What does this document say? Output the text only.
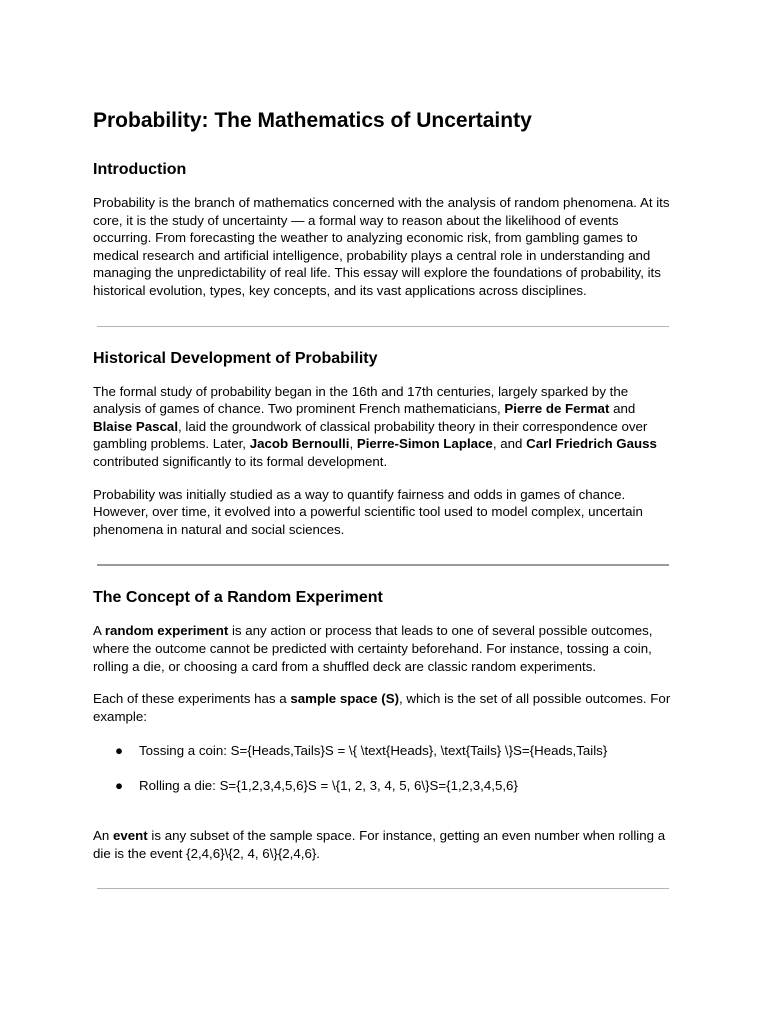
Probability: The Mathematics of Uncertainty
Introduction

Probability is the branch of mathematics concerned with the analysis of random phenomena. At its core, it is the study of uncertainty — a formal way to reason about the likelihood of events occurring. From forecasting the weather to analyzing economic risk, from gambling games to medical research and artificial intelligence, probability plays a central role in understanding and managing the unpredictability of real life. This essay will explore the foundations of probability, its historical evolution, types, key concepts, and its vast applications across disciplines.

Historical Development of Probability

The formal study of probability began in the 16th and 17th centuries, largely sparked by the analysis of games of chance. Two prominent French mathematicians, Pierre de Fermat and Blaise Pascal, laid the groundwork of classical probability theory in their correspondence over gambling problems. Later, Jacob Bernoulli, Pierre-Simon Laplace, and Carl Friedrich Gauss contributed significantly to its formal development.

Probability was initially studied as a way to quantify fairness and odds in games of chance. However, over time, it evolved into a powerful scientific tool used to model complex, uncertain phenomena in natural and social sciences.

The Concept of a Random Experiment

A random experiment is any action or process that leads to one of several possible outcomes, where the outcome cannot be predicted with certainty beforehand. For instance, tossing a coin, rolling a die, or choosing a card from a shuffled deck are classic random experiments.

Each of these experiments has a sample space (S), which is the set of all possible outcomes. For example:

● Tossing a coin: S={Heads,Tails}S = \{ \text{Heads}, \text{Tails} \}S={Heads,Tails}
● Rolling a die: S={1,2,3,4,5,6}S = \{1, 2, 3, 4, 5, 6\}S={1,2,3,4,5,6}

An event is any subset of the sample space. For instance, getting an even number when rolling a die is the event {2,4,6}\{2, 4, 6\}{2,4,6}.
